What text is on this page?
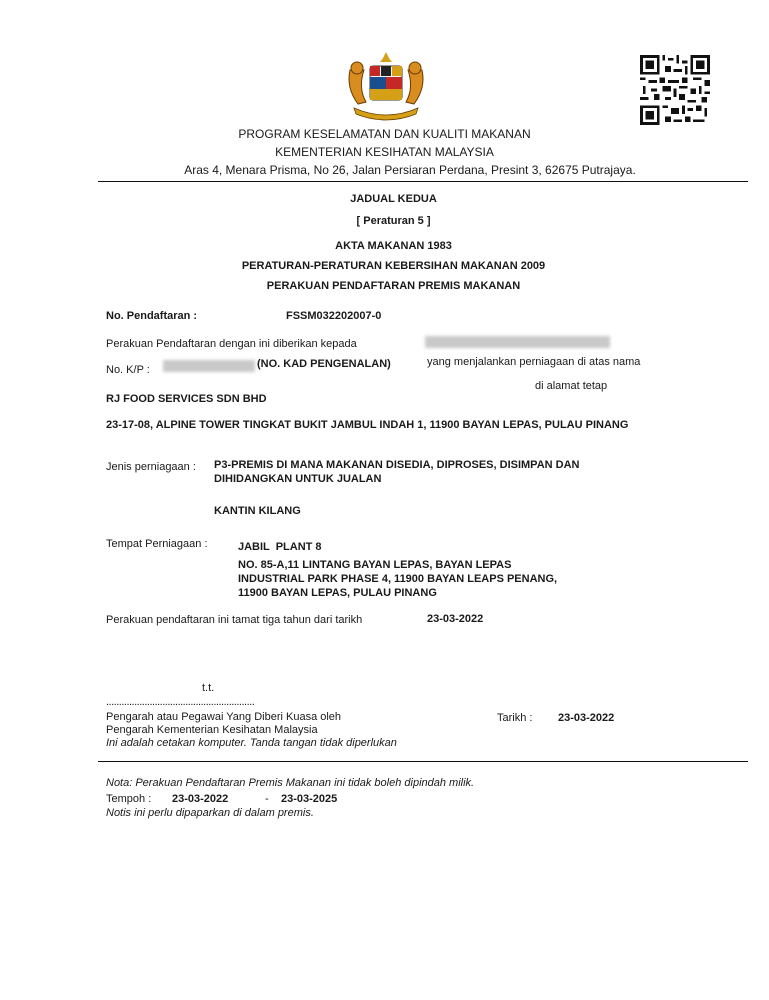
PROGRAM KESELAMATAN DAN KUALITI MAKANAN
KEMENTERIAN KESIHATAN MALAYSIA
Aras 4, Menara Prisma, No 26, Jalan Persiaran Perdana, Presint 3, 62675 Putrajaya.
JADUAL KEDUA
[ Peraturan 5 ]
AKTA MAKANAN 1983
PERATURAN-PERATURAN KEBERSIHAN MAKANAN 2009
PERAKUAN PENDAFTARAN PREMIS MAKANAN
No. Pendaftaran :	FSSM032202007-0
Perakuan Pendaftaran dengan ini diberikan kepada
No. K/P :	(NO. KAD PENGENALAN)	yang menjalankan perniagaan di atas nama
di alamat tetap
RJ FOOD SERVICES SDN BHD
23-17-08, ALPINE TOWER TINGKAT BUKIT JAMBUL INDAH 1, 11900 BAYAN LEPAS, PULAU PINANG
Jenis perniagaan : P3-PREMIS DI MANA MAKANAN DISEDIA, DIPROSES, DISIMPAN DAN
DIHIDANGKAN UNTUK JUALAN
KANTIN KILANG
Tempat Perniagaan :	JABIL  PLANT 8
NO. 85-A,11 LINTANG BAYAN LEPAS, BAYAN LEPAS
INDUSTRIAL PARK PHASE 4, 11900 BAYAN LEAPS PENANG,
11900 BAYAN LEPAS, PULAU PINANG
Perakuan pendaftaran ini tamat tiga tahun dari tarikh	23-03-2022
t.t.
..........................................................
Pengarah atau Pegawai Yang Diberi Kuasa oleh
Pengarah Kementerian Kesihatan Malaysia
Ini adalah cetakan komputer. Tanda tangan tidak diperlukan
Tarikh : 23-03-2022
Nota: Perakuan Pendaftaran Premis Makanan ini tidak boleh dipindah milik.
Tempoh : 23-03-2022	- 23-03-2025
Notis ini perlu dipaparkan di dalam premis.
